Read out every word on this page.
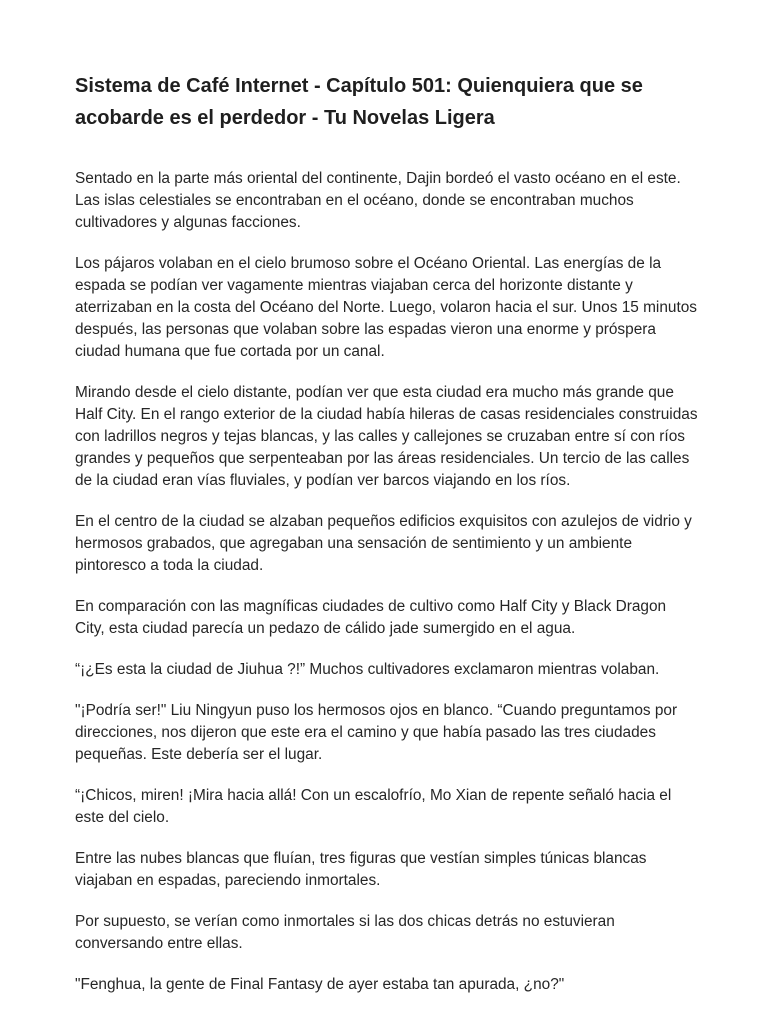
Sistema de Café Internet - Capítulo 501: Quienquiera que se acobarde es el perdedor - Tu Novelas Ligera

Sentado en la parte más oriental del continente, Dajin bordeó el vasto océano en el este. Las islas celestiales se encontraban en el océano, donde se encontraban muchos cultivadores y algunas facciones.

Los pájaros volaban en el cielo brumoso sobre el Océano Oriental. Las energías de la espada se podían ver vagamente mientras viajaban cerca del horizonte distante y aterrizaban en la costa del Océano del Norte. Luego, volaron hacia el sur. Unos 15 minutos después, las personas que volaban sobre las espadas vieron una enorme y próspera ciudad humana que fue cortada por un canal.

Mirando desde el cielo distante, podían ver que esta ciudad era mucho más grande que Half City. En el rango exterior de la ciudad había hileras de casas residenciales construidas con ladrillos negros y tejas blancas, y las calles y callejones se cruzaban entre sí con ríos grandes y pequeños que serpenteaban por las áreas residenciales. Un tercio de las calles de la ciudad eran vías fluviales, y podían ver barcos viajando en los ríos.

En el centro de la ciudad se alzaban pequeños edificios exquisitos con azulejos de vidrio y hermosos grabados, que agregaban una sensación de sentimiento y un ambiente pintoresco a toda la ciudad.

En comparación con las magníficas ciudades de cultivo como Half City y Black Dragon City, esta ciudad parecía un pedazo de cálido jade sumergido en el agua.

“¡¿Es esta la ciudad de Jiuhua ?!” Muchos cultivadores exclamaron mientras volaban.

"¡Podría ser!" Liu Ningyun puso los hermosos ojos en blanco. “Cuando preguntamos por direcciones, nos dijeron que este era el camino y que había pasado las tres ciudades pequeñas. Este debería ser el lugar.

“¡Chicos, miren! ¡Mira hacia allá! Con un escalofrío, Mo Xian de repente señaló hacia el este del cielo.

Entre las nubes blancas que fluían, tres figuras que vestían simples túnicas blancas viajaban en espadas, pareciendo inmortales.

Por supuesto, se verían como inmortales si las dos chicas detrás no estuvieran conversando entre ellas.

"Fenghua, la gente de Final Fantasy de ayer estaba tan apurada, ¿no?"
